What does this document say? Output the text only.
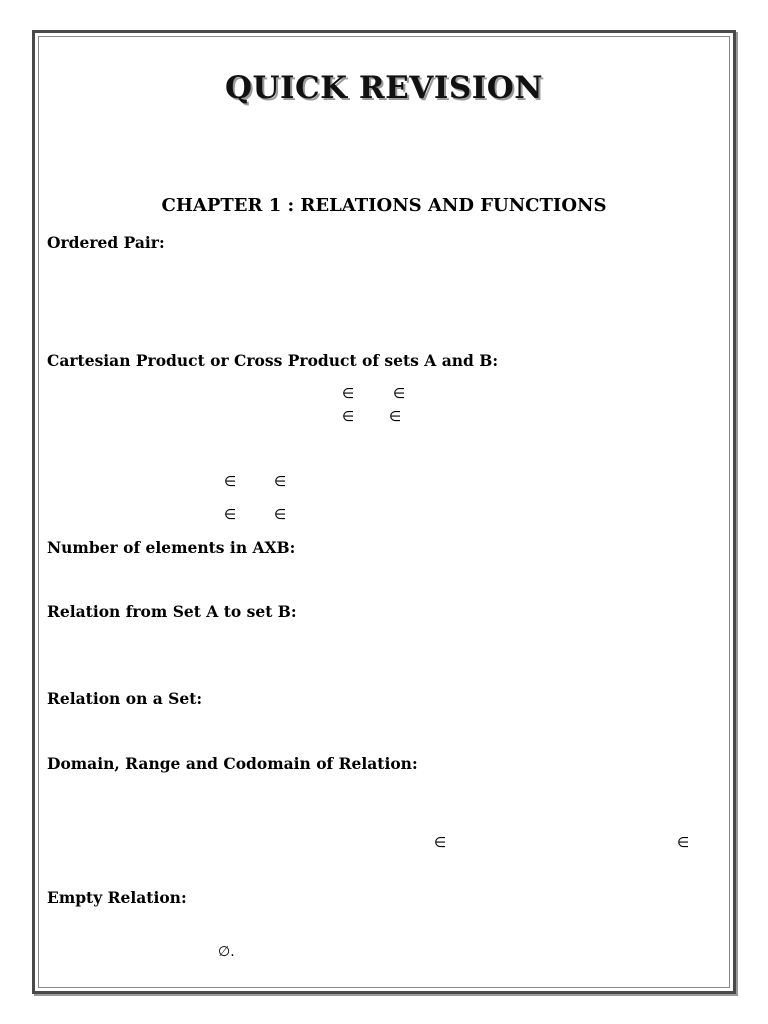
QUICK REVISION
CHAPTER 1 : RELATIONS AND FUNCTIONS
Ordered Pair:
Cartesian Product or Cross Product of sets A and B:
∈	∈
∈ ∈
∈	∈
∈	∈
Number of elements in AXB:
Relation from Set A to set B:
Relation on a Set:
Domain, Range and Codomain of Relation:
∈	∈
Empty Relation:
∅.
